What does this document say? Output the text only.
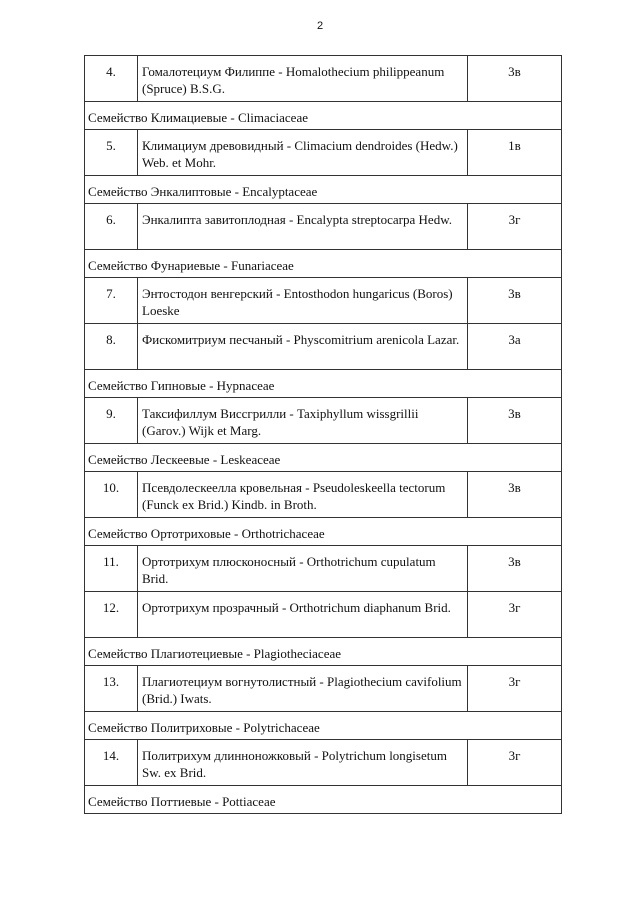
2
4.	Гомалотециум Филиппе - Homalothecium philippeanum (Spruce) B.S.G.	3в
Семейство Климациевые - Climaciaceae		
5.	Климациум древовидный - Climacium dendroides (Hedw.) Web. et Mohr.	1в
Семейство Энкалиптовые - Encalyptaceae		
6.	Энкалипта завитоплодная - Encalypta streptocarpa Hedw.	3г
Семейство Фунариевые - Funariaceae		
7.	Энтостодон венгерский - Entosthodon hungaricus (Boros) Loeske	3в
8.	Фискомитриум песчаный - Physcomitrium arenicola Lazar.	3а
Семейство Гипновые - Hypnaceae		
9.	Таксифиллум Виссгрилли - Taxiphyllum wissgrillii (Garov.) Wijk et Marg.	3в
Семейство Лескеевые - Leskeaceae		
10.	Псевдолескеелла кровельная - Pseudoleskeella tectorum (Funck ex Brid.) Kindb. in Broth.	3в
Семейство Ортотриховые - Orthotrichaceae		
11.	Ортотрихум плюсконосный - Orthotrichum cupulatum Brid.	3в
12.	Ортотрихум прозрачный - Orthotrichum diaphanum Brid.	3г
Семейство Плагиотециевые - Plagiotheciaceae		
13.	Плагиотециум вогнутолистный - Plagiothecium cavifolium (Brid.) Iwats.	3г
Семейство Политриховые - Polytrichaceae		
14.	Политрихум длинноножковый - Polytrichum longisetum Sw. ex Brid.	3г
Семейство Поттиевые - Pottiaceae		
